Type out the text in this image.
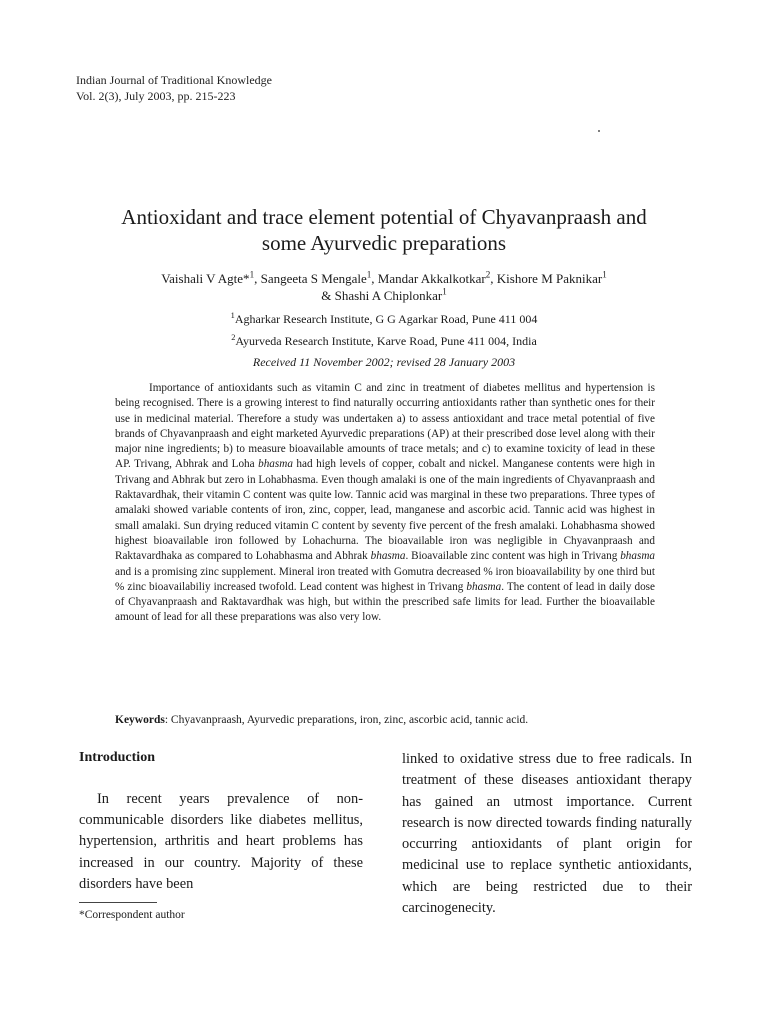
Indian Journal of Traditional Knowledge
Vol. 2(3), July 2003, pp. 215-223
Antioxidant and trace element potential of Chyavanpraash and
some Ayurvedic preparations
Vaishali V Agte*$^1$, Sangeeta S Mengale$^1$, Mandar Akkalkotkar$^2$, Kishore M Paknikar$^1$
& Shashi A Chiplonkar$^1$
$^1$Agharkar Research Institute, G G Agarkar Road, Pune 411 004
$^2$Ayurveda Research Institute, Karve Road, Pune 411 004, India
Received 11 November 2002; revised 28 January 2003

Importance of antioxidants such as vitamin C and zinc in treatment of diabetes mellitus and hypertension is being recognised. There is a growing interest to find naturally occurring antioxidants rather than synthetic ones for their use in medicinal material. Therefore a study was undertaken a) to assess antioxidant and trace metal potential of five brands of Chyavanpraash and eight marketed Ayurvedic preparations (AP) at their prescribed dose level along with their major nine ingredients; b) to measure bioavailable amounts of trace metals; and c) to examine toxicity of lead in these AP. Trivang, Abhrak and Loha bhasma had high levels of copper, cobalt and nickel. Manganese contents were high in Trivang and Abhrak but zero in Lohabhasma. Even though amalaki is one of the main ingredients of Chyavanpraash and Raktavardhak, their vitamin C content was quite low. Tannic acid was marginal in these two preparations. Three types of amalaki showed variable contents of iron, zinc, copper, lead, manganese and ascorbic acid. Tannic acid was highest in small amalaki. Sun drying reduced vitamin C content by seventy five percent of the fresh amalaki. Lohabhasma showed highest bioavailable iron followed by Lohachurna. The bioavailable iron was negligible in Chyavanpraash and Raktavardhaka as compared to Lohabhasma and Abhrak bhasma. Bioavailable zinc content was high in Trivang bhasma and is a promising zinc supplement. Mineral iron treated with Gomutra decreased % iron bioavailability by one third but % zinc bioavailabiliy increased twofold. Lead content was highest in Trivang bhasma. The content of lead in daily dose of Chyavanpraash and Raktavardhak was high, but within the prescribed safe limits for lead. Further the bioavailable amount of lead for all these preparations was also very low.

Keywords: Chyavanpraash, Ayurvedic preparations, iron, zinc, ascorbic acid, tannic acid.
Introduction

In recent years prevalence of non-communicable disorders like diabetes mellitus, hypertension, arthritis and heart problems has increased in our country. Majority of these disorders have been

linked to oxidative stress due to free radicals. In treatment of these diseases antioxidant therapy has gained an utmost importance. Current research is now directed towards finding naturally occurring antioxidants of plant origin for medicinal use to replace synthetic antioxidants, which are being restricted due to their carcinogenecity.

*Correspondent author
